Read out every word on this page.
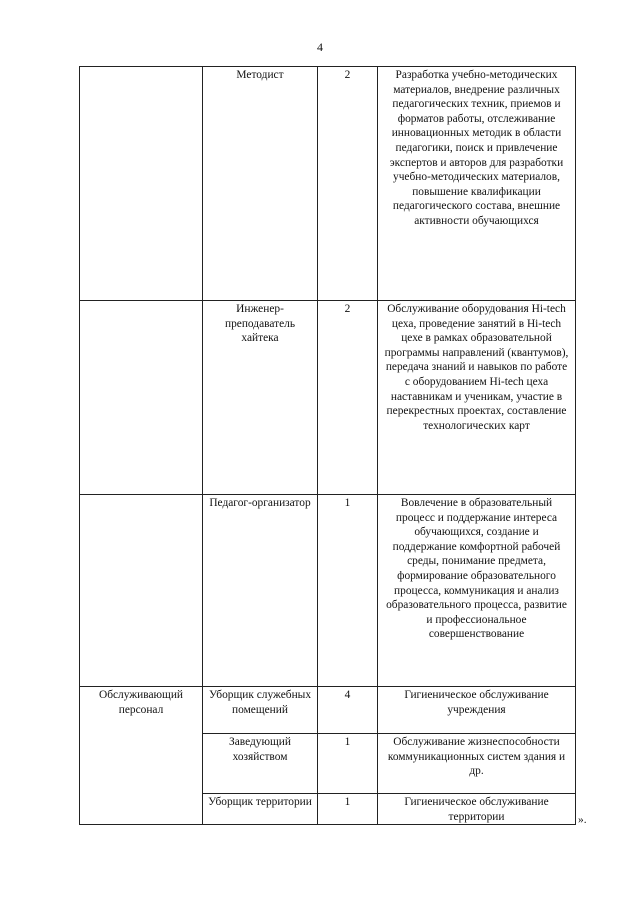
4
	Методист	2	Разработка учебно-методических материалов, внедрение различных педагогических техник, приемов и форматов работы, отслеживание инновационных методик в области педагогики, поиск и привлечение экспертов и авторов для разработки учебно-методических материалов, повышение квалификации педагогического состава, внешние активности обучающихся
	Инженер-преподаватель хайтека	2	Обслуживание оборудования Hi-tech цеха, проведение занятий в Hi-tech цехе в рамках образовательной программы направлений (квантумов), передача знаний и навыков по работе с оборудованием Hi-tech цеха наставникам и ученикам, участие в перекрестных проектах, составление технологических карт
	Педагог-организатор	1	Вовлечение в образовательный процесс и поддержание интереса обучающихся, создание и поддержание комфортной рабочей среды, понимание предмета, формирование образовательного процесса, коммуникация и анализ образовательного процесса, развитие и профессиональное совершенствование
Обслуживающий персонал	Уборщик служебных помещений	4	Гигиеническое обслуживание учреждения
	Заведующий хозяйством	1	Обслуживание жизнеспособности коммуникационных систем здания и др.
	Уборщик территории	1	Гигиеническое обслуживание территории	».
